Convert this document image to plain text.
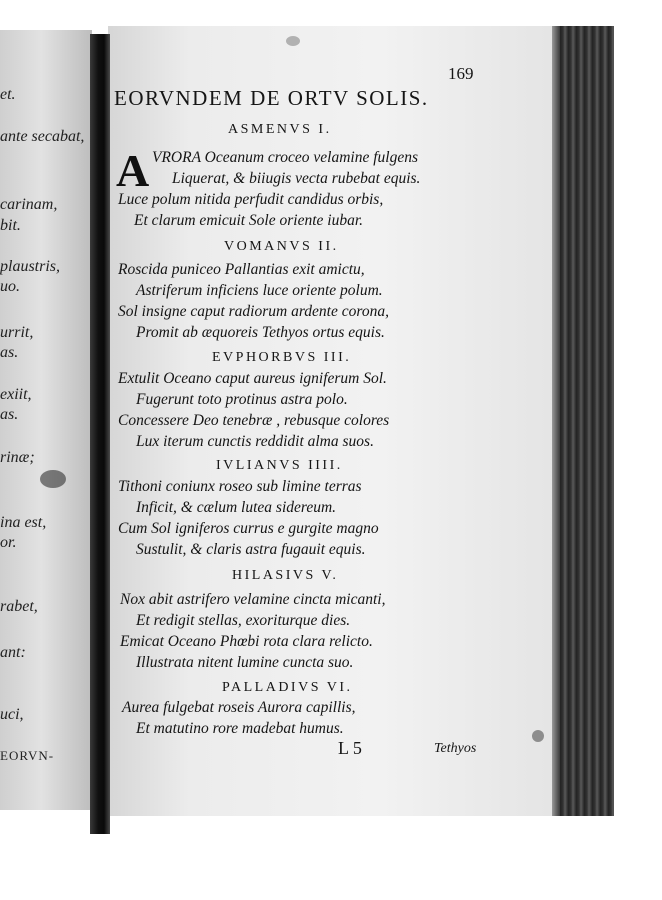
et.
ante secabat,
carinam,
bit.
plaustris,
uo.
urrit,
as.
exiit,
as.
rinæ;
ina est,
or.
rabet,
ant:
uci,
EORVN-
169
EORVNDEM DE ORTV SOLIS.
ASMENVS I.
A VRORA Oceanum croceo velamine fulgens
Liquerat, & biiugis vecta rubebat equis.
Luce polum nitida perfudit candidus orbis,
Et clarum emicuit Sole oriente iubar.
VOMANVS II.
Roscida puniceo Pallantias exit amictu,
Astriferum inficiens luce oriente polum.
Sol insigne caput radiorum ardente corona,
Promit ab æquoreis Tethyos ortus equis.
EVPHORBVS III.
Extulit Oceano caput aureus igniferum Sol.
Fugerunt toto protinus astra polo.
Concessere Deo tenebræ , rebusque colores
Lux iterum cunctis reddidit alma suos.
IVLIANVS IIII.
Tithoni coniunx roseo sub limine terras
Inficit, & cælum lutea sidereum.
Cum Sol igniferos currus e gurgite magno
Sustulit, & claris astra fugauit equis.
HILASIVS V.
Nox abit astrifero velamine cincta micanti,
Et redigit stellas, exoriturque dies.
Emicat Oceano Phœbi rota clara relicto.
Illustrata nitent lumine cuncta suo.
PALLADIVS VI.
Aurea fulgebat roseis Aurora capillis,
Et matutino rore madebat humus.
L 5	Tethyos
